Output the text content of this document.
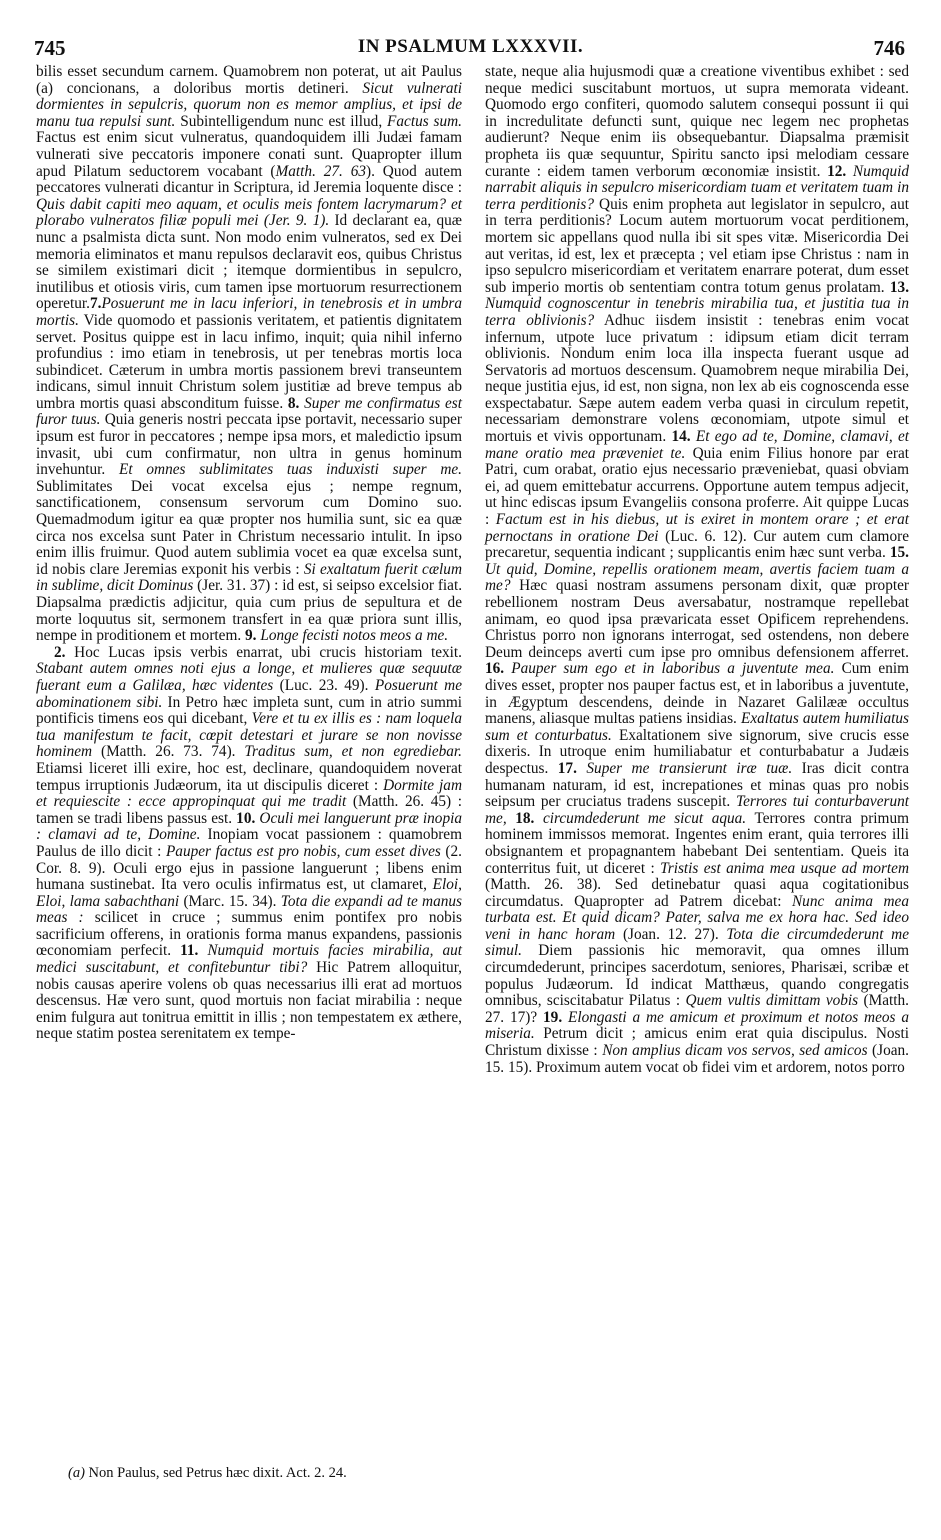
745	IN PSALMUM LXXXVII.	746

bilis esset secundum carnem. Quamobrem non poterat, ut ait Paulus (a) concionans, a doloribus mortis detineri. Sicut vulnerati dormientes in sepulcris, quorum non es memor amplius, et ipsi de manu tua repulsi sunt. Subintelligendum nunc est illud, Factus sum. Factus est enim sicut vulneratus, quandoquidem illi Judæi famam vulnerati sive peccatoris imponere conati sunt. Quapropter illum apud Pilatum seductorem vocabant (Matth. 27. 63). Quod autem peccatores vulnerati dicantur in Scriptura, id Jeremia loquente disce : Quis dabit capiti meo aquam, et oculis meis fontem lacrymarum? et plorabo vulneratos filiæ populi mei (Jer. 9. 1). Id declarant ea, quæ nunc a psalmista dicta sunt. Non modo enim vulneratos, sed ex Dei memoria eliminatos et manu repulsos declaravit eos, quibus Christus se similem existimari dicit ; itemque dormientibus in sepulcro, inutilibus et otiosis viris, cum tamen ipse mortuorum resurrectionem operetur.7.Posuerunt me in lacu inferiori, in tenebrosis et in umbra mortis. Vide quomodo et passionis veritatem, et patientis dignitatem servet. Positus quippe est in lacu infimo, inquit; quia nihil inferno profundius : imo etiam in tenebrosis, ut per tenebras mortis loca subindicet. Cæterum in umbra mortis passionem brevi transeuntem indicans, simul innuit Christum solem justitiæ ad breve tempus ab umbra mortis quasi absconditum fuisse. 8. Super me confirmatus est furor tuus. Quia generis nostri peccata ipse portavit, necessario super ipsum est furor in peccatores ; nempe ipsa mors, et maledictio ipsum invasit, ubi cum confirmatur, non ultra in genus hominum invehuntur. Et omnes sublimitates tuas induxisti super me. Sublimitates Dei vocat excelsa ejus ; nempe regnum, sanctificationem, consensum servorum cum Domino suo. Quemadmodum igitur ea quæ propter nos humilia sunt, sic ea quæ circa nos excelsa sunt Pater in Christum necessario intulit. In ipso enim illis fruimur. Quod autem sublimia vocet ea quæ excelsa sunt, id nobis clare Jeremias exponit his verbis : Si exaltatum fuerit cælum in sublime, dicit Dominus (Jer. 31. 37) : id est, si seipso excelsior fiat. Diapsalma prædictis adjicitur, quia cum prius de sepultura et de morte loquutus sit, sermonem transfert in ea quæ priora sunt illis, nempe in proditionem et mortem. 9. Longe fecisti notos meos a me.

2. Hoc Lucas ipsis verbis enarrat, ubi crucis historiam texit. Stabant autem omnes noti ejus a longe, et mulieres quæ sequutæ fuerant eum a Galilæa, hæc videntes (Luc. 23. 49). Posuerunt me abominationem sibi. In Petro hæc impleta sunt, cum in atrio summi pontificis timens eos qui dicebant, Vere et tu ex illis es : nam loquela tua manifestum te facit, cœpit detestari et jurare se non novisse hominem (Matth. 26. 73. 74). Traditus sum, et non egrediebar. Etiamsi liceret illi exire, hoc est, declinare, quandoquidem noverat tempus irruptionis Judæorum, ita ut discipulis diceret : Dormite jam et requiescite : ecce appropinquat qui me tradit (Matth. 26. 45) : tamen se tradi libens passus est. 10. Oculi mei languerunt præ inopia : clamavi ad te, Domine. Inopiam vocat passionem : quamobrem Paulus de illo dicit : Pauper factus est pro nobis, cum esset dives (2. Cor. 8. 9). Oculi ergo ejus in passione languerunt ; libens enim humana sustinebat. Ita vero oculis infirmatus est, ut clamaret, Eloi, Eloi, lama sabachthani (Marc. 15. 34). Tota die expandi ad te manus meas : scilicet in cruce ; summus enim pontifex pro nobis sacrificium offerens, in orationis forma manus expandens, passionis œconomiam perfecit. 11. Numquid mortuis facies mirabilia, aut medici suscitabunt, et confitebuntur tibi? Hic Patrem alloquitur, nobis causas aperire volens ob quas necessarius illi erat ad mortuos descensus. Hæ vero sunt, quod mortuis non faciat mirabilia : neque enim fulgura aut tonitrua emittit in illis ; non tempestatem ex æthere, neque statim postea serenitatem ex tempe-

state, neque alia hujusmodi quæ a creatione viventibus exhibet : sed neque medici suscitabunt mortuos, ut supra memorata videant. Quomodo ergo confiteri, quomodo salutem consequi possunt ii qui in incredulitate defuncti sunt, quique nec legem nec prophetas audierunt? Neque enim iis obsequebantur. Diapsalma præmisit propheta iis quæ sequuntur, Spiritu sancto ipsi melodiam cessare curante : eidem tamen verborum œconomiæ insistit. 12. Numquid narrabit aliquis in sepulcro misericordiam tuam et veritatem tuam in terra perditionis? Quis enim propheta aut legislator in sepulcro, aut in terra perditionis? Locum autem mortuorum vocat perditionem, mortem sic appellans quod nulla ibi sit spes vitæ. Misericordia Dei aut veritas, id est, lex et præcepta ; vel etiam ipse Christus : nam in ipso sepulcro misericordiam et veritatem enarrare poterat, dum esset sub imperio mortis ob sententiam contra totum genus prolatam. 13. Numquid cognoscentur in tenebris mirabilia tua, et justitia tua in terra oblivionis? Adhuc iisdem insistit : tenebras enim vocat infernum, utpote luce privatum : idipsum etiam dicit terram oblivionis. Nondum enim loca illa inspecta fuerant usque ad Servatoris ad mortuos descensum. Quamobrem neque mirabilia Dei, neque justitia ejus, id est, non signa, non lex ab eis cognoscenda esse exspectabatur. Sæpe autem eadem verba quasi in circulum repetit, necessariam demonstrare volens œconomiam, utpote simul et mortuis et vivis opportunam. 14. Et ego ad te, Domine, clamavi, et mane oratio mea præveniet te. Quia enim Filius honore par erat Patri, cum orabat, oratio ejus necessario præveniebat, quasi obviam ei, ad quem emittebatur accurrens. Opportune autem tempus adjecit, ut hinc ediscas ipsum Evangeliis consona proferre. Ait quippe Lucas : Factum est in his diebus, ut is exiret in montem orare ; et erat pernoctans in oratione Dei (Luc. 6. 12). Cur autem cum clamore precaretur, sequentia indicant ; supplicantis enim hæc sunt verba. 15. Ut quid, Domine, repellis orationem meam, avertis faciem tuam a me? Hæc quasi nostram assumens personam dixit, quæ propter rebellionem nostram Deus aversabatur, nostramque repellebat animam, eo quod ipsa prævaricata esset Opificem reprehendens. Christus porro non ignorans interrogat, sed ostendens, non debere Deum deinceps averti cum ipse pro omnibus defensionem afferret. 16. Pauper sum ego et in laboribus a juventute mea. Cum enim dives esset, propter nos pauper factus est, et in laboribus a juventute, in Ægyptum descendens, deinde in Nazaret Galilææ occultus manens, aliasque multas patiens insidias. Exaltatus autem humiliatus sum et conturbatus. Exaltationem sive signorum, sive crucis esse dixeris. In utroque enim humiliabatur et conturbabatur a Judæis despectus. 17. Super me transierunt iræ tuæ. Iras dicit contra humanam naturam, id est, increpationes et minas quas pro nobis seipsum per cruciatus tradens suscepit. Terrores tui conturbaverunt me, 18. circumdederunt me sicut aqua. Terrores contra primum hominem immissos memorat. Ingentes enim erant, quia terrores illi obsignantem et propagnantem habebant Dei sententiam. Queis ita conterritus fuit, ut diceret : Tristis est anima mea usque ad mortem (Matth. 26. 38). Sed detinebatur quasi aqua cogitationibus circumdatus. Quapropter ad Patrem dicebat: Nunc anima mea turbata est. Et quid dicam? Pater, salva me ex hora hac. Sed ideo veni in hanc horam (Joan. 12. 27). Tota die circumdederunt me simul. Diem passionis hic memoravit, qua omnes illum circumdederunt, principes sacerdotum, seniores, Pharisæi, scribæ et populus Judæorum. Id indicat Matthæus, quando congregatis omnibus, sciscitabatur Pilatus : Quem vultis dimittam vobis (Matth. 27. 17)? 19. Elongasti a me amicum et proximum et notos meos a miseria. Petrum dicit ; amicus enim erat quia discipulus. Nosti Christum dixisse : Non amplius dicam vos servos, sed amicos (Joan. 15. 15). Proximum autem vocat ob fidei vim et ardorem, notos porro

(a) Non Paulus, sed Petrus hæc dixit. Act. 2. 24.
